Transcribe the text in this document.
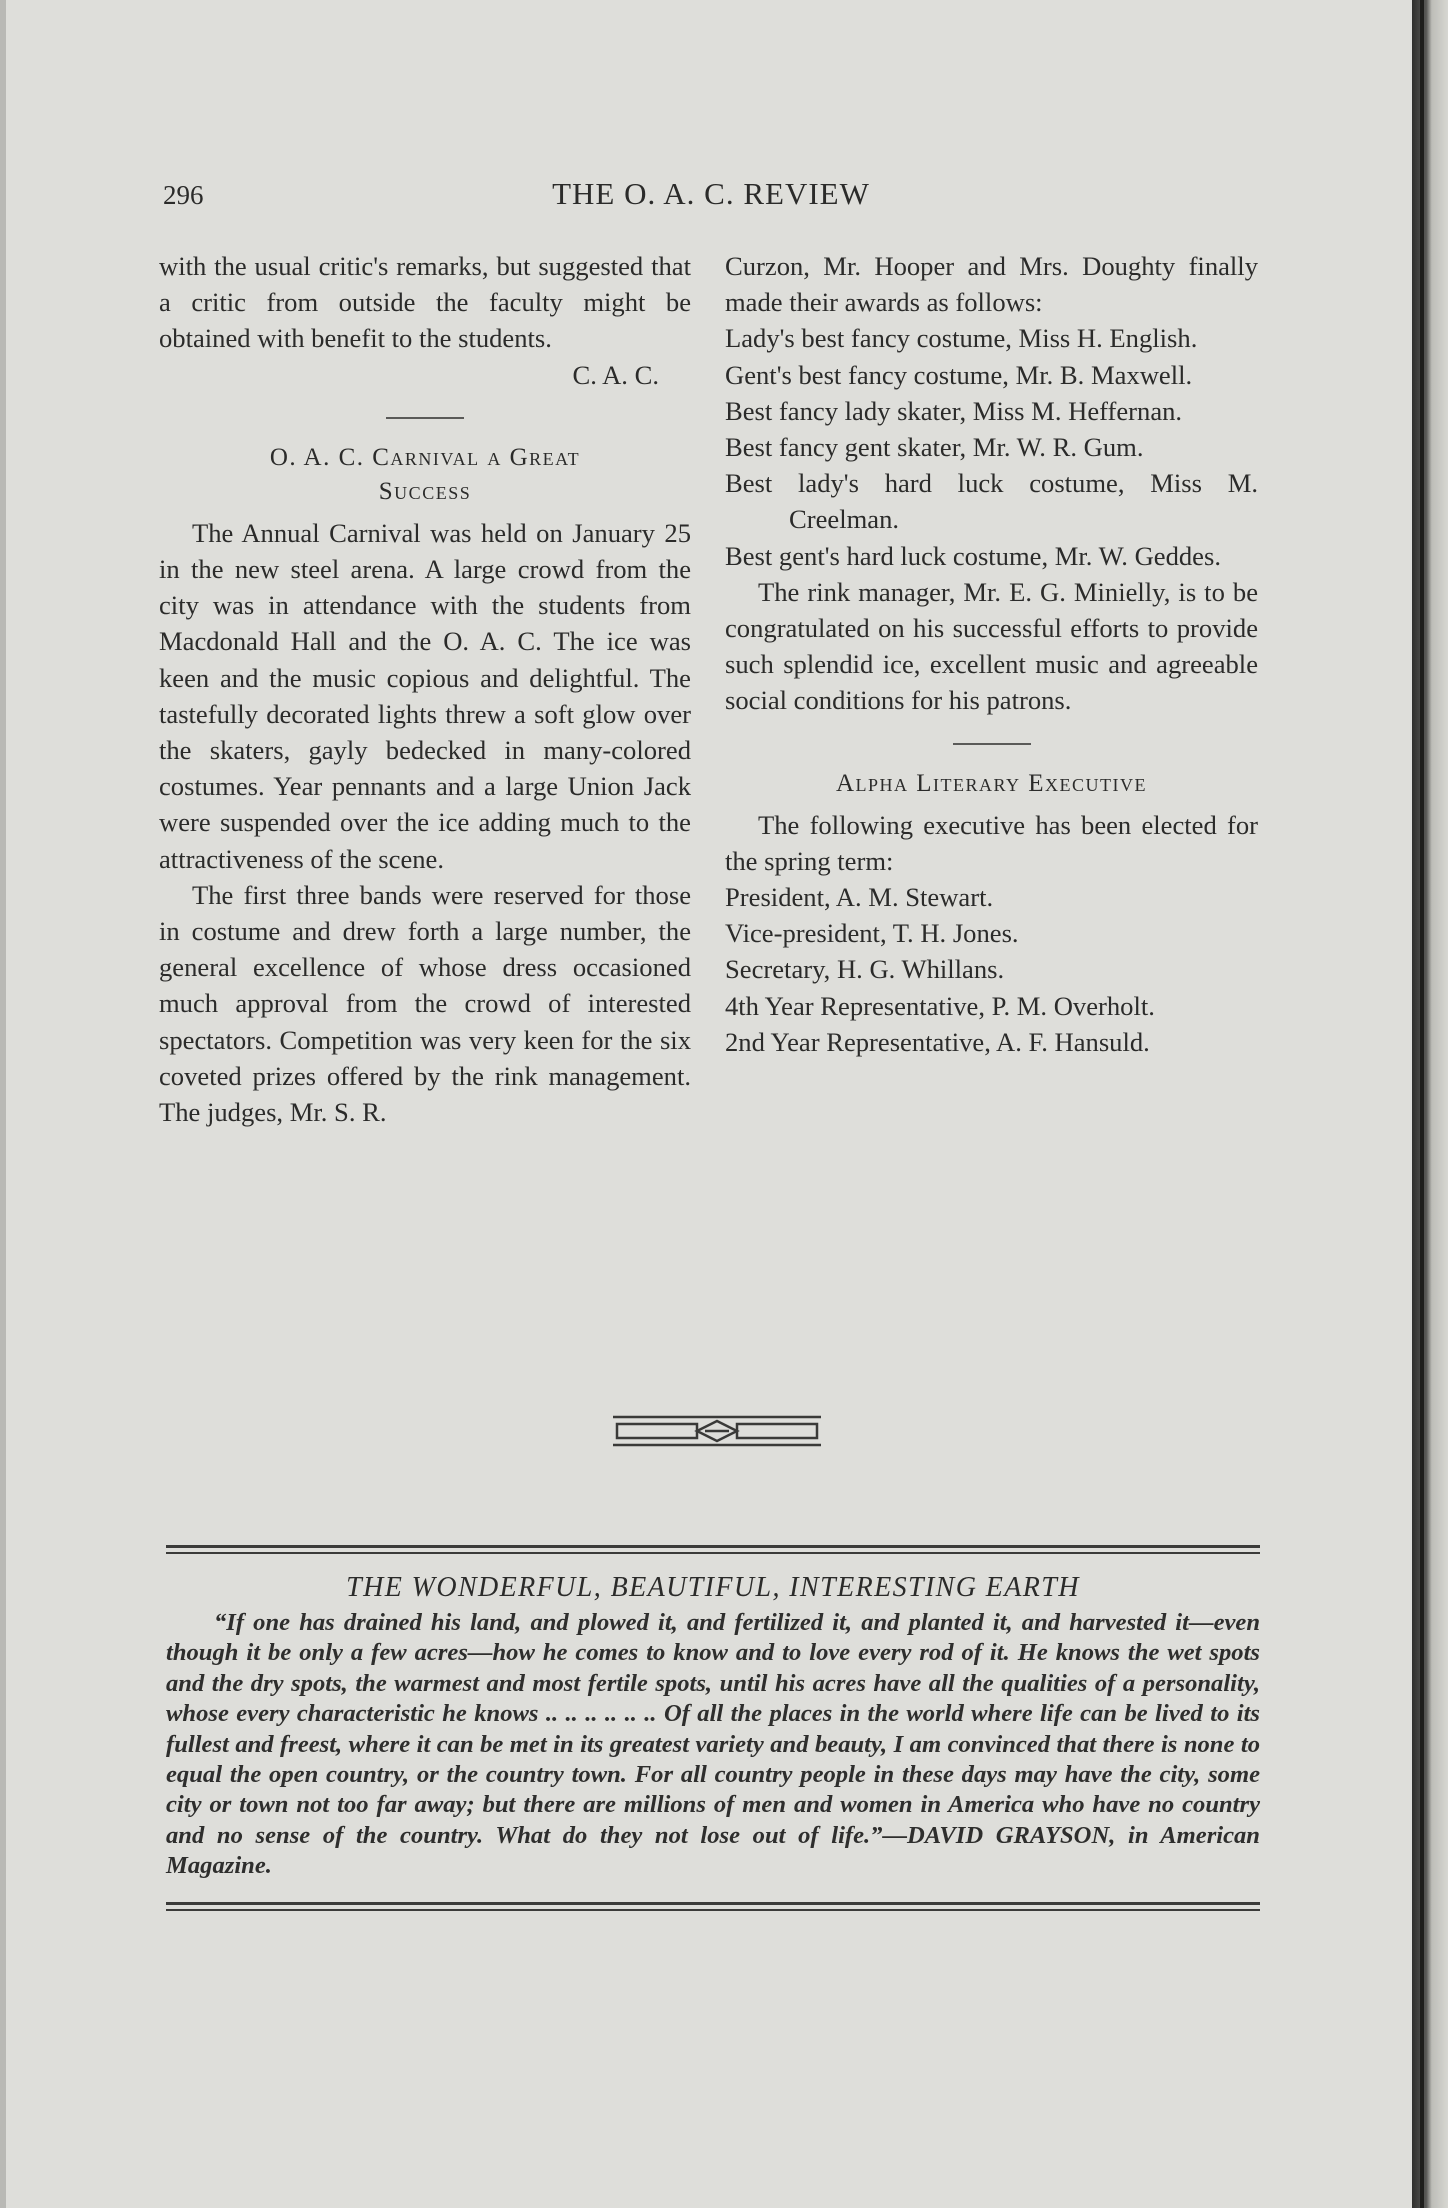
296	THE O. A. C. REVIEW

with the usual critic's remarks, but suggested that a critic from outside the faculty might be obtained with benefit to the students.

C. A. C.

O. A. C. Carnival a Great

Success

The Annual Carnival was held on January 25 in the new steel arena. A large crowd from the city was in attendance with the students from Macdonald Hall and the O. A. C. The ice was keen and the music copious and delightful. The tastefully decorated lights threw a soft glow over the skaters, gayly bedecked in many-colored costumes. Year pennants and a large Union Jack were suspended over the ice adding much to the attractiveness of the scene.

The first three bands were reserved for those in costume and drew forth a large number, the general excellence of whose dress occasioned much approval from the crowd of interested spectators. Competition was very keen for the six coveted prizes offered by the rink management. The judges, Mr. S. R.

Curzon, Mr. Hooper and Mrs. Doughty finally made their awards as follows:

Lady's best fancy costume, Miss H. English.

Gent's best fancy costume, Mr. B. Maxwell.

Best fancy lady skater, Miss M. Heffernan.

Best fancy gent skater, Mr. W. R. Gum.

Best lady's hard luck costume, Miss M. Creelman.

Best gent's hard luck costume, Mr. W. Geddes.

The rink manager, Mr. E. G. Minielly, is to be congratulated on his successful efforts to provide such splendid ice, excellent music and agreeable social conditions for his patrons.

Alpha Literary Executive

The following executive has been elected for the spring term:

President, A. M. Stewart.

Vice-president, T. H. Jones.

Secretary, H. G. Whillans.

4th Year Representative, P. M. Overholt.

2nd Year Representative, A. F. Hansuld.

THE WONDERFUL, BEAUTIFUL, INTERESTING EARTH

“If one has drained his land, and plowed it, and fertilized it, and planted it, and harvested it—even though it be only a few acres—how he comes to know and to love every rod of it. He knows the wet spots and the dry spots, the warmest and most fertile spots, until his acres have all the qualities of a personality, whose every characteristic he knows .. .. .. .. .. .. Of all the places in the world where life can be lived to its fullest and freest, where it can be met in its greatest variety and beauty, I am convinced that there is none to equal the open country, or the country town. For all country people in these days may have the city, some city or town not too far away; but there are millions of men and women in America who have no country and no sense of the country. What do they not lose out of life.”—DAVID GRAYSON, in American Magazine.
